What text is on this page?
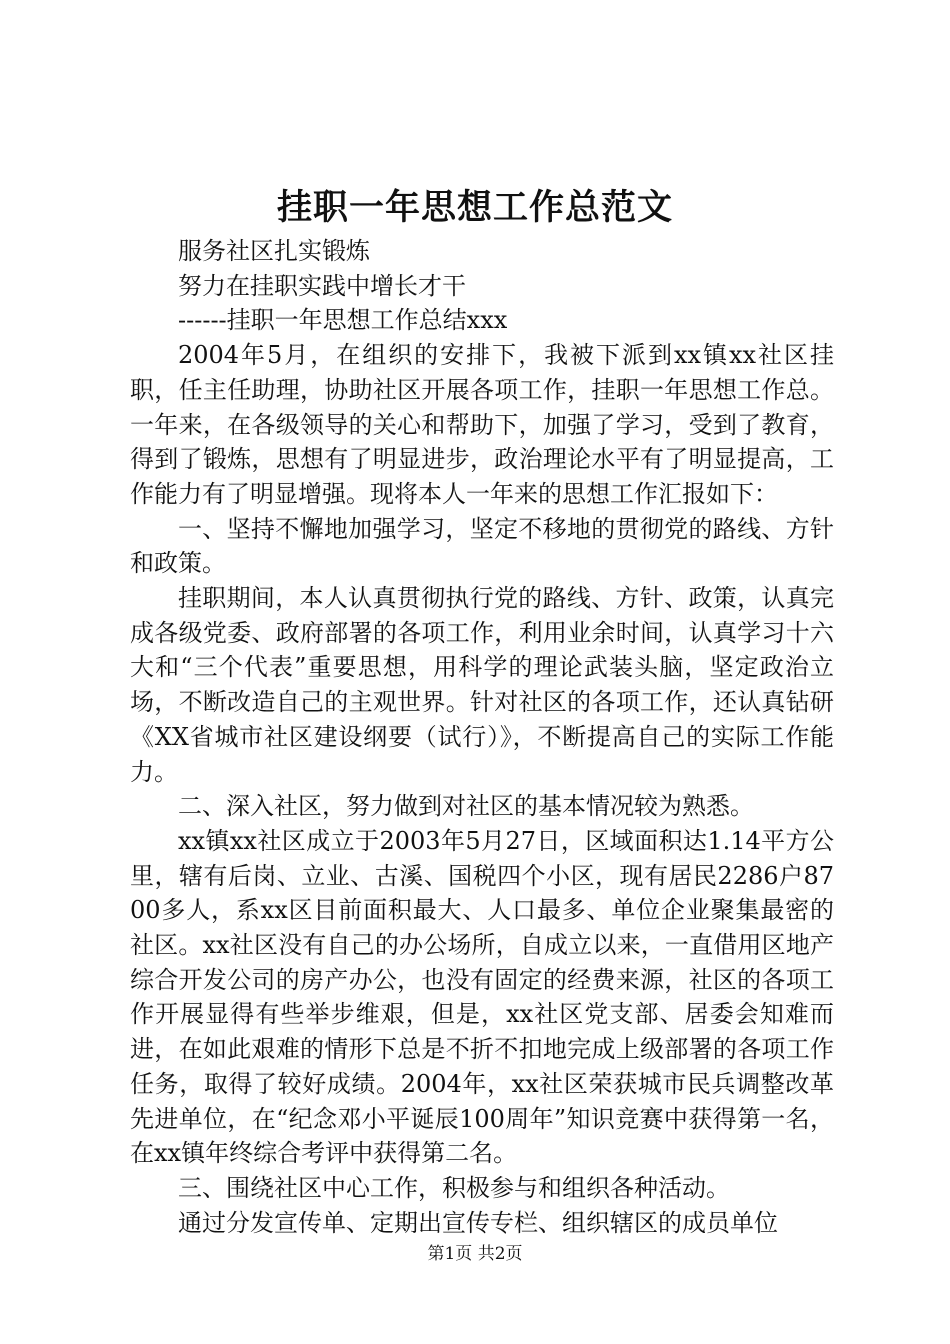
挂职一年思想工作总范文

服务社区扎实锻炼

努力在挂职实践中增长才干

------挂职一年思想工作总结xxx

2004年5月，在组织的安排下，我被下派到xx镇xx社区挂职，任主任助理，协助社区开展各项工作，挂职一年思想工作总。一年来，在各级领导的关心和帮助下，加强了学习，受到了教育，得到了锻炼，思想有了明显进步，政治理论水平有了明显提高，工作能力有了明显增强。现将本人一年来的思想工作汇报如下：

一、坚持不懈地加强学习，坚定不移地的贯彻党的路线、方针和政策。

挂职期间，本人认真贯彻执行党的路线、方针、政策，认真完成各级党委、政府部署的各项工作，利用业余时间，认真学习十六大和“三个代表”重要思想，用科学的理论武装头脑，坚定政治立场，不断改造自己的主观世界。针对社区的各项工作，还认真钻研《XX省城市社区建设纲要（试行）》，不断提高自己的实际工作能力。

二、深入社区，努力做到对社区的基本情况较为熟悉。

xx镇xx社区成立于2003年5月27日，区域面积达1.14平方公里，辖有后岗、立业、古溪、国税四个小区，现有居民2286户8700多人，系xx区目前面积最大、人口最多、单位企业聚集最密的社区。xx社区没有自己的办公场所，自成立以来，一直借用区地产综合开发公司的房产办公，也没有固定的经费来源，社区的各项工作开展显得有些举步维艰，但是，xx社区党支部、居委会知难而进，在如此艰难的情形下总是不折不扣地完成上级部署的各项工作任务，取得了较好成绩。2004年，xx社区荣获城市民兵调整改革先进单位，在“纪念邓小平诞辰100周年”知识竞赛中获得第一名，在xx镇年终综合考评中获得第二名。

三、围绕社区中心工作，积极参与和组织各种活动。

通过分发宣传单、定期出宣传专栏、组织辖区的成员单位

第1页 共2页
